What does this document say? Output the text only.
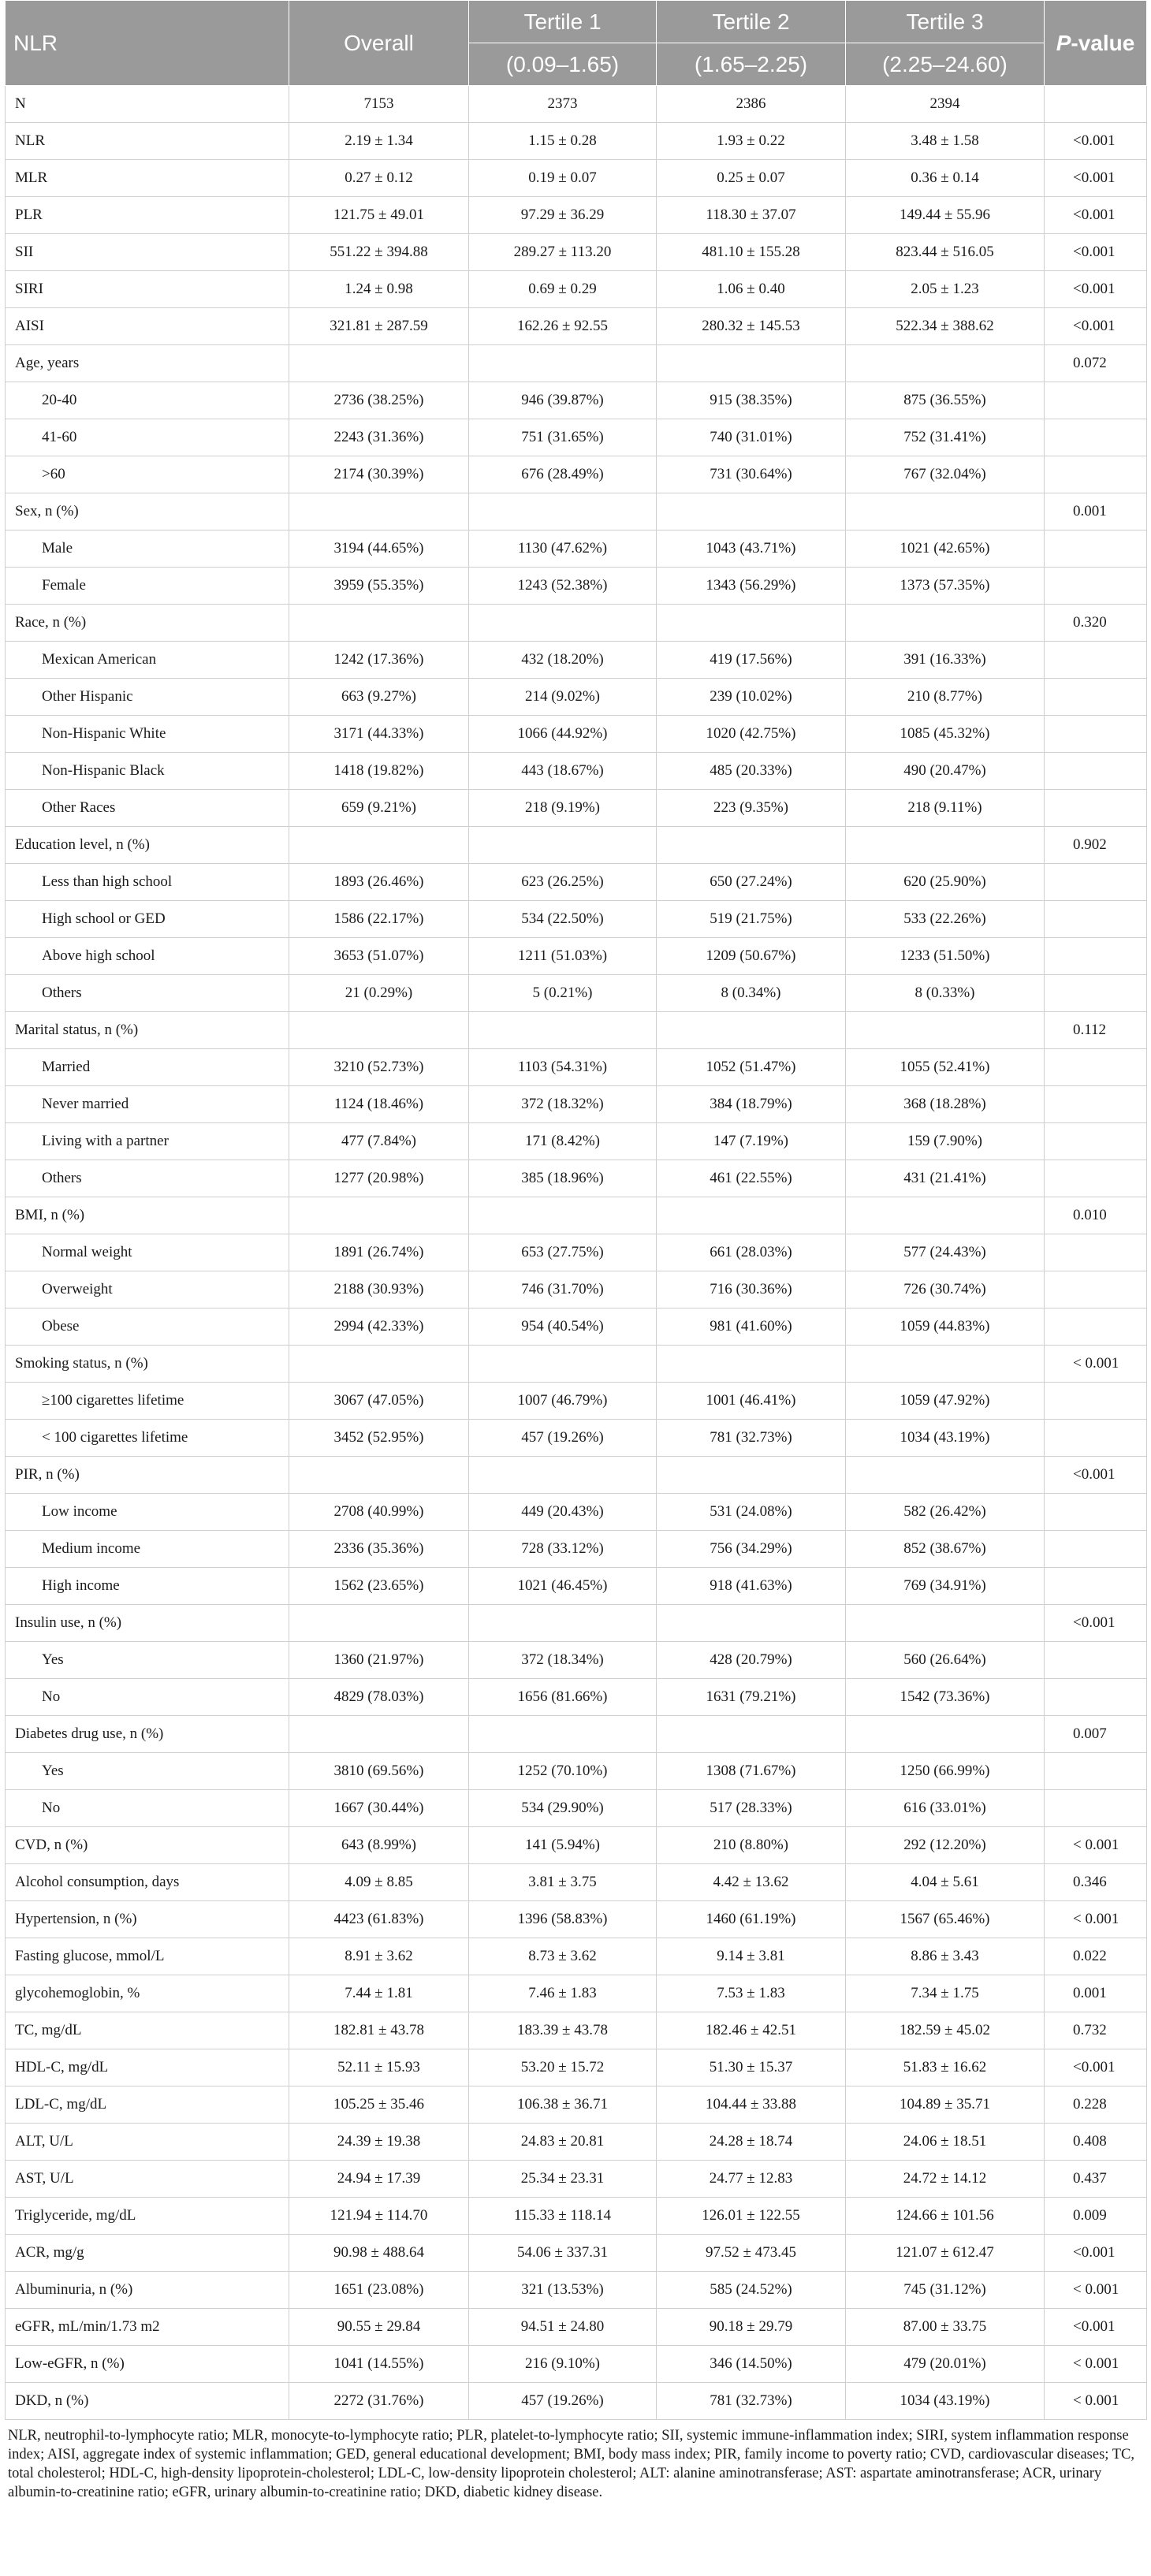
NLR	Overall	Tertile 1	Tertile 2	Tertile 3	P-value
		(0.09–1.65)	(1.65–2.25)	(2.25–24.60)	
N	7153	2373	2386	2394	
NLR	2.19 ± 1.34	1.15 ± 0.28	1.93 ± 0.22	3.48 ± 1.58	<0.001
MLR	0.27 ± 0.12	0.19 ± 0.07	0.25 ± 0.07	0.36 ± 0.14	<0.001
PLR	121.75 ± 49.01	97.29 ± 36.29	118.30 ± 37.07	149.44 ± 55.96	<0.001
SII	551.22 ± 394.88	289.27 ± 113.20	481.10 ± 155.28	823.44 ± 516.05	<0.001
SIRI	1.24 ± 0.98	0.69 ± 0.29	1.06 ± 0.40	2.05 ± 1.23	<0.001
AISI	321.81 ± 287.59	162.26 ± 92.55	280.32 ± 145.53	522.34 ± 388.62	<0.001
Age, years					0.072
20-40	2736 (38.25%)	946 (39.87%)	915 (38.35%)	875 (36.55%)	
41-60	2243 (31.36%)	751 (31.65%)	740 (31.01%)	752 (31.41%)	
>60	2174 (30.39%)	676 (28.49%)	731 (30.64%)	767 (32.04%)	
Sex, n (%)					0.001
Male	3194 (44.65%)	1130 (47.62%)	1043 (43.71%)	1021 (42.65%)	
Female	3959 (55.35%)	1243 (52.38%)	1343 (56.29%)	1373 (57.35%)	
Race, n (%)					0.320
Mexican American	1242 (17.36%)	432 (18.20%)	419 (17.56%)	391 (16.33%)	
Other Hispanic	663 (9.27%)	214 (9.02%)	239 (10.02%)	210 (8.77%)	
Non-Hispanic White	3171 (44.33%)	1066 (44.92%)	1020 (42.75%)	1085 (45.32%)	
Non-Hispanic Black	1418 (19.82%)	443 (18.67%)	485 (20.33%)	490 (20.47%)	
Other Races	659 (9.21%)	218 (9.19%)	223 (9.35%)	218 (9.11%)	
Education level, n (%)					0.902
Less than high school	1893 (26.46%)	623 (26.25%)	650 (27.24%)	620 (25.90%)	
High school or GED	1586 (22.17%)	534 (22.50%)	519 (21.75%)	533 (22.26%)	
Above high school	3653 (51.07%)	1211 (51.03%)	1209 (50.67%)	1233 (51.50%)	
Others	21 (0.29%)	5 (0.21%)	8 (0.34%)	8 (0.33%)	
Marital status, n (%)					0.112
Married	3210 (52.73%)	1103 (54.31%)	1052 (51.47%)	1055 (52.41%)	
Never married	1124 (18.46%)	372 (18.32%)	384 (18.79%)	368 (18.28%)	
Living with a partner	477 (7.84%)	171 (8.42%)	147 (7.19%)	159 (7.90%)	
Others	1277 (20.98%)	385 (18.96%)	461 (22.55%)	431 (21.41%)	
BMI, n (%)					0.010
Normal weight	1891 (26.74%)	653 (27.75%)	661 (28.03%)	577 (24.43%)	
Overweight	2188 (30.93%)	746 (31.70%)	716 (30.36%)	726 (30.74%)	
Obese	2994 (42.33%)	954 (40.54%)	981 (41.60%)	1059 (44.83%)	
Smoking status, n (%)					< 0.001
≥100 cigarettes lifetime	3067 (47.05%)	1007 (46.79%)	1001 (46.41%)	1059 (47.92%)	
< 100 cigarettes lifetime	3452 (52.95%)	457 (19.26%)	781 (32.73%)	1034 (43.19%)	
PIR, n (%)					<0.001
Low income	2708 (40.99%)	449 (20.43%)	531 (24.08%)	582 (26.42%)	
Medium income	2336 (35.36%)	728 (33.12%)	756 (34.29%)	852 (38.67%)	
High income	1562 (23.65%)	1021 (46.45%)	918 (41.63%)	769 (34.91%)	
Insulin use, n (%)					<0.001
Yes	1360 (21.97%)	372 (18.34%)	428 (20.79%)	560 (26.64%)	
No	4829 (78.03%)	1656 (81.66%)	1631 (79.21%)	1542 (73.36%)	
Diabetes drug use, n (%)					0.007
Yes	3810 (69.56%)	1252 (70.10%)	1308 (71.67%)	1250 (66.99%)	
No	1667 (30.44%)	534 (29.90%)	517 (28.33%)	616 (33.01%)	
CVD, n (%)	643 (8.99%)	141 (5.94%)	210 (8.80%)	292 (12.20%)	< 0.001
Alcohol consumption, days	4.09 ± 8.85	3.81 ± 3.75	4.42 ± 13.62	4.04 ± 5.61	0.346
Hypertension, n (%)	4423 (61.83%)	1396 (58.83%)	1460 (61.19%)	1567 (65.46%)	< 0.001
Fasting glucose, mmol/L	8.91 ± 3.62	8.73 ± 3.62	9.14 ± 3.81	8.86 ± 3.43	0.022
glycohemoglobin, %	7.44 ± 1.81	7.46 ± 1.83	7.53 ± 1.83	7.34 ± 1.75	0.001
TC, mg/dL	182.81 ± 43.78	183.39 ± 43.78	182.46 ± 42.51	182.59 ± 45.02	0.732
HDL-C, mg/dL	52.11 ± 15.93	53.20 ± 15.72	51.30 ± 15.37	51.83 ± 16.62	<0.001
LDL-C, mg/dL	105.25 ± 35.46	106.38 ± 36.71	104.44 ± 33.88	104.89 ± 35.71	0.228
ALT, U/L	24.39 ± 19.38	24.83 ± 20.81	24.28 ± 18.74	24.06 ± 18.51	0.408
AST, U/L	24.94 ± 17.39	25.34 ± 23.31	24.77 ± 12.83	24.72 ± 14.12	0.437
Triglyceride, mg/dL	121.94 ± 114.70	115.33 ± 118.14	126.01 ± 122.55	124.66 ± 101.56	0.009
ACR, mg/g	90.98 ± 488.64	54.06 ± 337.31	97.52 ± 473.45	121.07 ± 612.47	<0.001
Albuminuria, n (%)	1651 (23.08%)	321 (13.53%)	585 (24.52%)	745 (31.12%)	< 0.001
eGFR, mL/min/1.73 m2	90.55 ± 29.84	94.51 ± 24.80	90.18 ± 29.79	87.00 ± 33.75	<0.001
Low-eGFR, n (%)	1041 (14.55%)	216 (9.10%)	346 (14.50%)	479 (20.01%)	< 0.001
DKD, n (%)	2272 (31.76%)	457 (19.26%)	781 (32.73%)	1034 (43.19%)	< 0.001
NLR, neutrophil-to-lymphocyte ratio; MLR, monocyte-to-lymphocyte ratio; PLR, platelet-to-lymphocyte ratio; SII, systemic immune-inflammation index; SIRI, system inflammation response index; AISI, aggregate index of systemic inflammation; GED, general educational development; BMI, body mass index; PIR, family income to poverty ratio; CVD, cardiovascular diseases; TC, total cholesterol; HDL-C, high-density lipoprotein-cholesterol; LDL-C, low-density lipoprotein cholesterol; ALT: alanine aminotransferase; AST: aspartate aminotransferase; ACR, urinary albumin-to-creatinine ratio; eGFR, urinary albumin-to-creatinine ratio; DKD, diabetic kidney disease.
